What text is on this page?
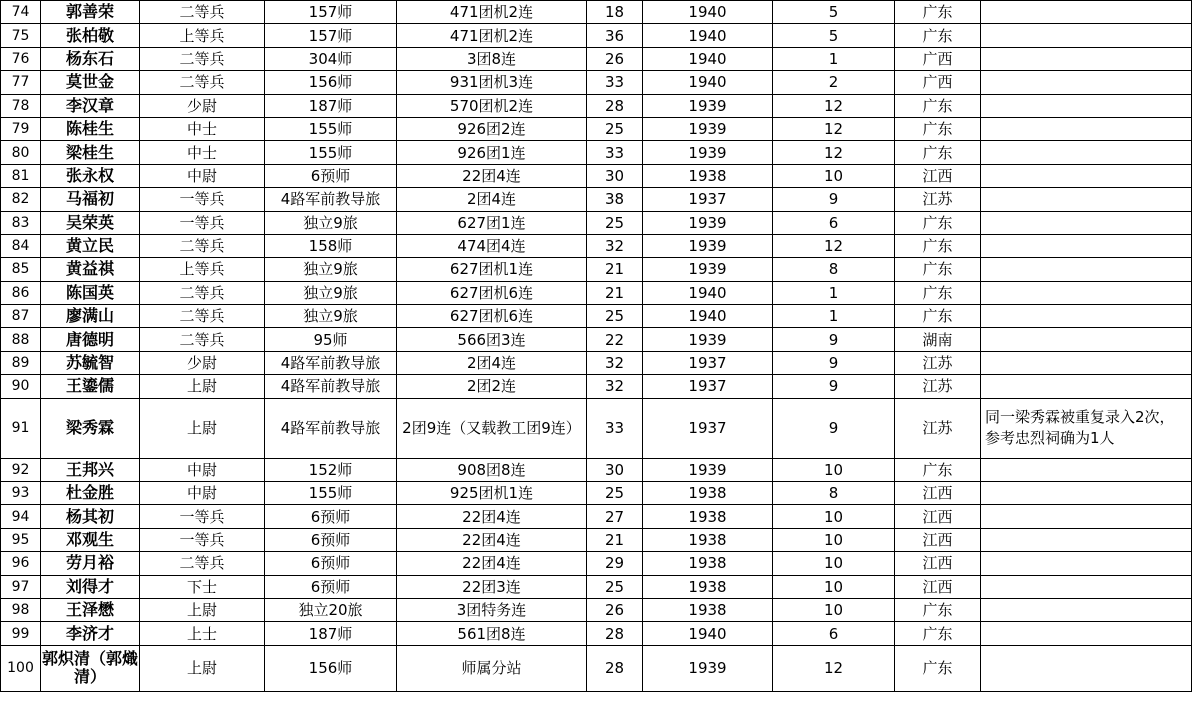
74	郭善荣	二等兵	157师	471团机2连	18	1940	5	广东	
75	张柏敬	上等兵	157师	471团机2连	36	1940	5	广东	
76	杨东石	二等兵	304师	3团8连	26	1940	1	广西	
77	莫世金	二等兵	156师	931团机3连	33	1940	2	广西	
78	李汉章	少尉	187师	570团机2连	28	1939	12	广东	
79	陈桂生	中士	155师	926团2连	25	1939	12	广东	
80	梁桂生	中士	155师	926团1连	33	1939	12	广东	
81	张永权	中尉	6预师	22团4连	30	1938	10	江西	
82	马福初	一等兵	4路军前教导旅	2团4连	38	1937	9	江苏	
83	吴荣英	一等兵	独立9旅	627团1连	25	1939	6	广东	
84	黄立民	二等兵	158师	474团4连	32	1939	12	广东	
85	黄益祺	上等兵	独立9旅	627团机1连	21	1939	8	广东	
86	陈国英	二等兵	独立9旅	627团机6连	21	1940	1	广东	
87	廖满山	二等兵	独立9旅	627团机6连	25	1940	1	广东	
88	唐德明	二等兵	95师	566团3连	22	1939	9	湖南	
89	苏毓智	少尉	4路军前教导旅	2团4连	32	1937	9	江苏	
90	王鎏儒	上尉	4路军前教导旅	2团2连	32	1937	9	江苏	
91	梁秀霖	上尉	4路军前教导旅	2团9连（又载教工团9连）	33	1937	9	江苏	同一梁秀霖被重复录入2次，参考忠烈祠确为1人
92	王邦兴	中尉	152师	908团8连	30	1939	10	广东	
93	杜金胜	中尉	155师	925团机1连	25	1938	8	江西	
94	杨其初	一等兵	6预师	22团4连	27	1938	10	江西	
95	邓观生	一等兵	6预师	22团4连	21	1938	10	江西	
96	劳月裕	二等兵	6预师	22团4连	29	1938	10	江西	
97	刘得才	下士	6预师	22团3连	25	1938	10	江西	
98	王泽懋	上尉	独立20旅	3团特务连	26	1938	10	广东	
99	李济才	上士	187师	561团8连	28	1940	6	广东	
100	郭炽清（郭熾清）	上尉	156师	师属分站	28	1939	12	广东	
